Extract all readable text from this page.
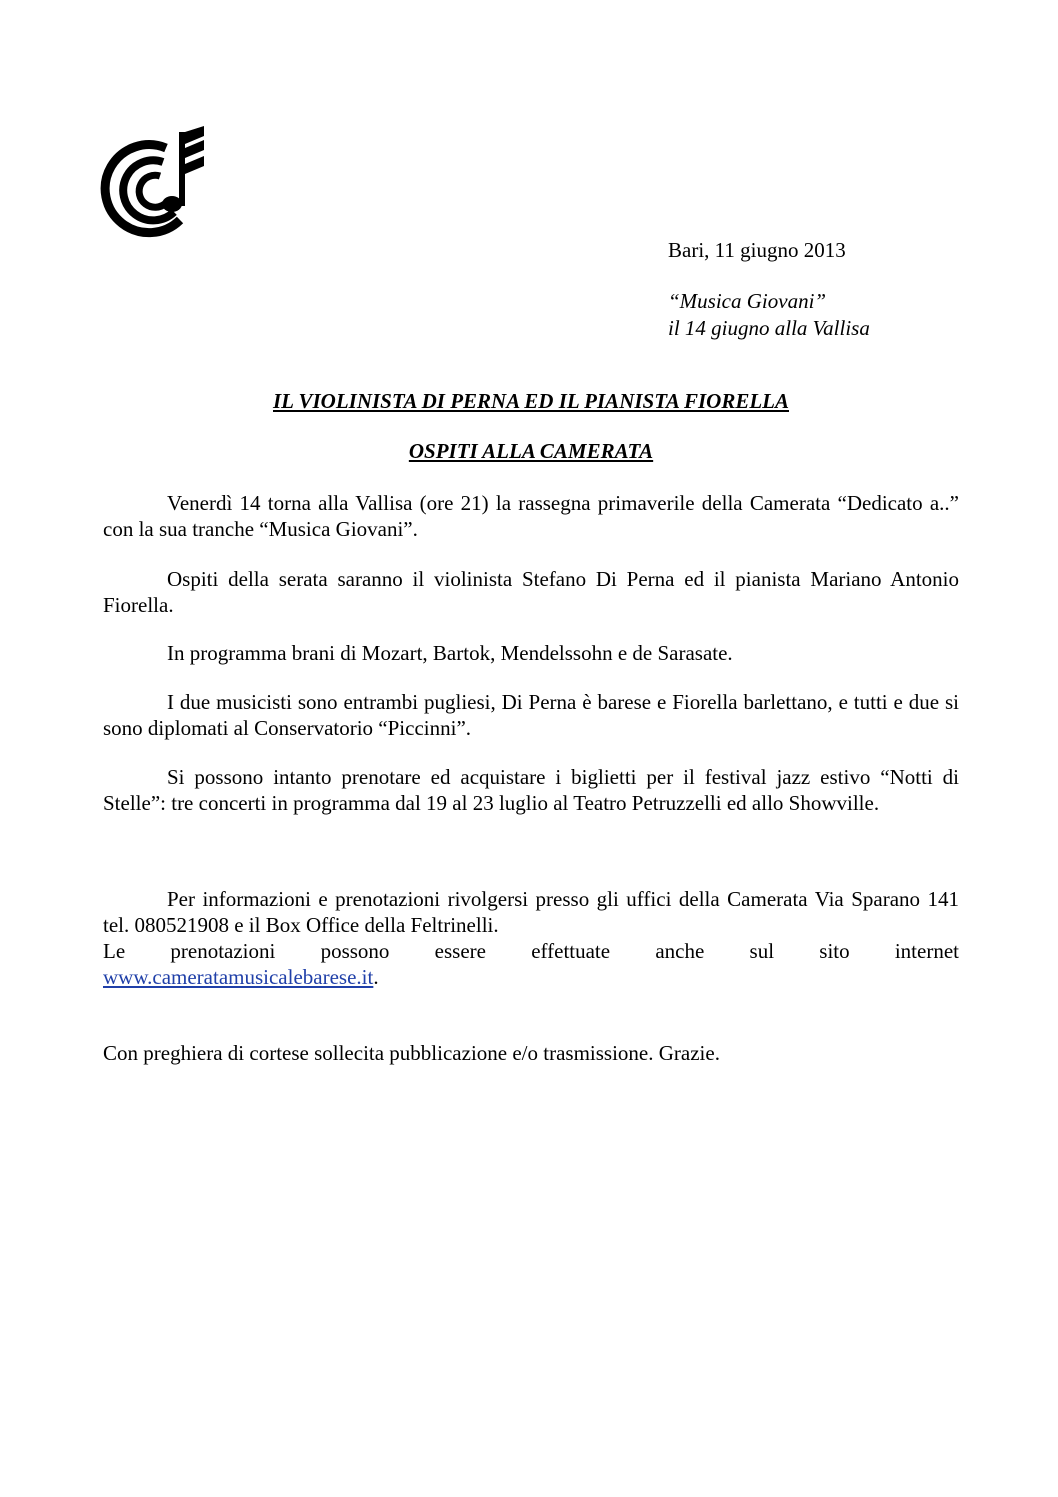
Bari, 11 giugno 2013
“Musica Giovani”
il 14 giugno alla Vallisa
IL VIOLINISTA DI PERNA ED IL PIANISTA FIORELLA
OSPITI ALLA CAMERATA
Venerdì 14 torna alla Vallisa (ore 21) la rassegna primaverile della Camerata “Dedicato a..” con la sua tranche “Musica Giovani”.
Ospiti della serata saranno il violinista Stefano Di Perna ed il pianista Mariano Antonio Fiorella.
In programma brani di Mozart, Bartok, Mendelssohn e de Sarasate.
I due musicisti sono entrambi pugliesi, Di Perna è barese e Fiorella barlettano, e tutti e due si sono diplomati al Conservatorio “Piccinni”.
Si possono intanto prenotare ed acquistare i biglietti per il festival jazz estivo “Notti di Stelle”: tre concerti in programma dal 19 al 23 luglio al Teatro Petruzzelli ed allo Showville.
Per informazioni e prenotazioni rivolgersi presso gli uffici della Camerata Via Sparano 141 tel. 080521908 e il Box Office della Feltrinelli.
Le prenotazioni possono essere effettuate anche sul sito internet
www.cameratamusicalebarese.it.
Con preghiera di cortese sollecita pubblicazione e/o trasmissione. Grazie.
